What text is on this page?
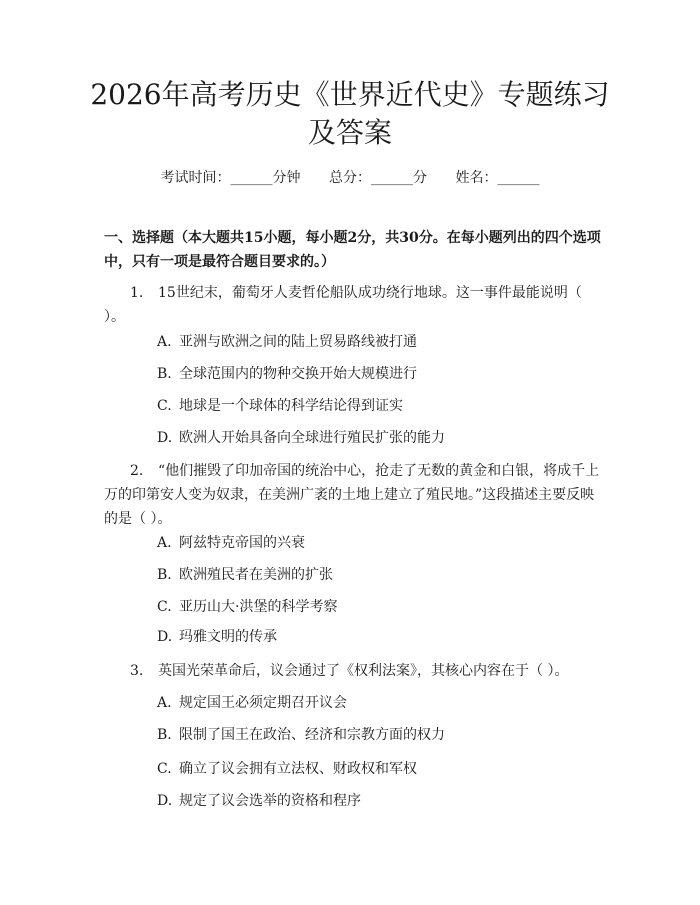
2026年高考历史《世界近代史》专题练习及答案
考试时间：______分钟 总分：______分 姓名：______
一、选择题（本大题共15小题，每小题2分，共30分。在每小题列出的四个选项中，只有一项是最符合题目要求的。）
1. 15世纪末，葡萄牙人麦哲伦船队成功绕行地球。这一事件最能说明（ ）。
A. 亚洲与欧洲之间的陆上贸易路线被打通
B. 全球范围内的物种交换开始大规模进行
C. 地球是一个球体的科学结论得到证实
D. 欧洲人开始具备向全球进行殖民扩张的能力
2. “他们摧毁了印加帝国的统治中心，抢走了无数的黄金和白银，将成千上万的印第安人变为奴隶，在美洲广袤的土地上建立了殖民地。”这段描述主要反映的是（ ）。
A. 阿兹特克帝国的兴衰
B. 欧洲殖民者在美洲的扩张
C. 亚历山大·洪堡的科学考察
D. 玛雅文明的传承
3. 英国光荣革命后，议会通过了《权利法案》，其核心内容在于（ ）。
A. 规定国王必须定期召开议会
B. 限制了国王在政治、经济和宗教方面的权力
C. 确立了议会拥有立法权、财政权和军权
D. 规定了议会选举的资格和程序
